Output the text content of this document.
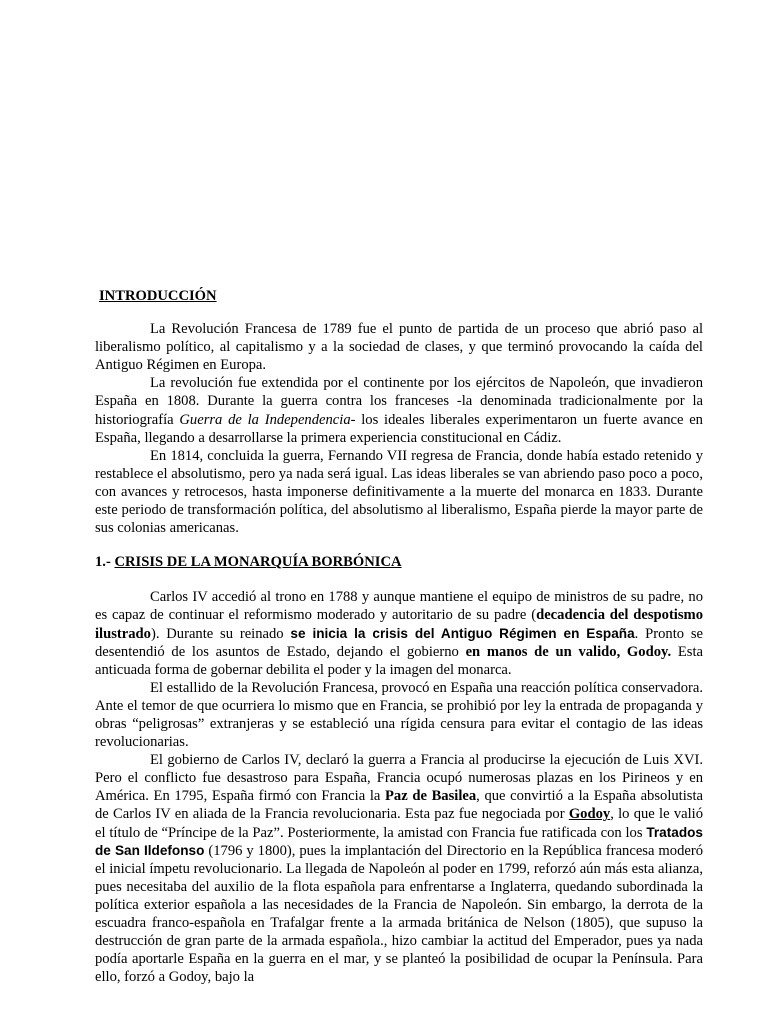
INTRODUCCIÓN

La Revolución Francesa de 1789 fue el punto de partida de un proceso que abrió paso al liberalismo político, al capitalismo y a la sociedad de clases, y que terminó provocando la caída del Antiguo Régimen en Europa.

La revolución fue extendida por el continente por los ejércitos de Napoleón, que invadieron España en 1808. Durante la guerra contra los franceses -la denominada tradicionalmente por la historiografía Guerra de la Independencia- los ideales liberales experimentaron un fuerte avance en España, llegando a desarrollarse la primera experiencia constitucional en Cádiz.

En 1814, concluida la guerra, Fernando VII regresa de Francia, donde había estado retenido y restablece el absolutismo, pero ya nada será igual. Las ideas liberales se van abriendo paso poco a poco, con avances y retrocesos, hasta imponerse definitivamente a la muerte del monarca en 1833. Durante este periodo de transformación política, del absolutismo al liberalismo, España pierde la mayor parte de sus colonias americanas.

1.- CRISIS DE LA MONARQUÍA BORBÓNICA

Carlos IV accedió al trono en 1788 y aunque mantiene el equipo de ministros de su padre, no es capaz de continuar el reformismo moderado y autoritario de su padre (decadencia del despotismo ilustrado). Durante su reinado se inicia la crisis del Antiguo Régimen en España. Pronto se desentendió de los asuntos de Estado, dejando el gobierno en manos de un valido, Godoy. Esta anticuada forma de gobernar debilita el poder y la imagen del monarca.

El estallido de la Revolución Francesa, provocó en España una reacción política conservadora. Ante el temor de que ocurriera lo mismo que en Francia, se prohibió por ley la entrada de propaganda y obras “peligrosas” extranjeras y se estableció una rígida censura para evitar el contagio de las ideas revolucionarias.

El gobierno de Carlos IV, declaró la guerra a Francia al producirse la ejecución de Luis XVI. Pero el conflicto fue desastroso para España, Francia ocupó numerosas plazas en los Pirineos y en América. En 1795, España firmó con Francia la Paz de Basilea, que convirtió a la España absolutista de Carlos IV en aliada de la Francia revolucionaria. Esta paz fue negociada por Godoy, lo que le valió el título de “Príncipe de la Paz”. Posteriormente, la amistad con Francia fue ratificada con los Tratados de San Ildefonso (1796 y 1800), pues la implantación del Directorio en la República francesa moderó el inicial ímpetu revolucionario. La llegada de Napoleón al poder en 1799, reforzó aún más esta alianza, pues necesitaba del auxilio de la flota española para enfrentarse a Inglaterra, quedando subordinada la política exterior española a las necesidades de la Francia de Napoleón. Sin embargo, la derrota de la escuadra franco-española en Trafalgar frente a la armada británica de Nelson (1805), que supuso la destrucción de gran parte de la armada española., hizo cambiar la actitud del Emperador, pues ya nada podía aportarle España en la guerra en el mar, y se planteó la posibilidad de ocupar la Península. Para ello, forzó a Godoy, bajo la
